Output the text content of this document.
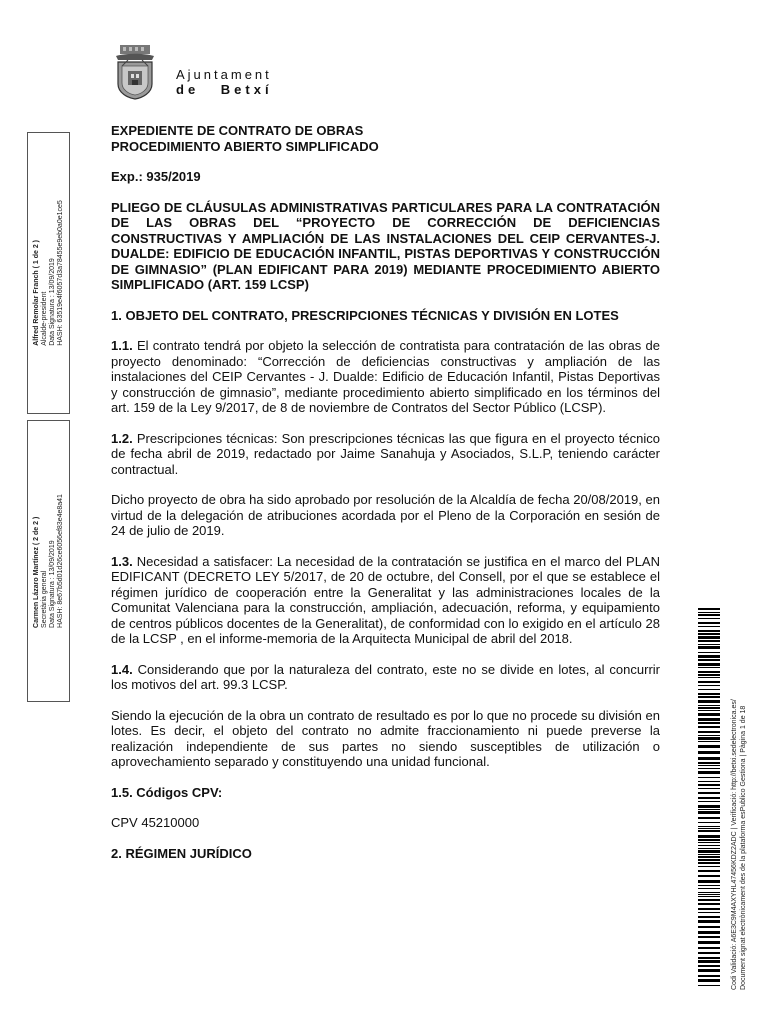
Ajuntament
de Betxí
Alfred Remolar Franch ( 1 de 2 ) Alcalde-president Data Signatura : 13/09/2019 HASH: 63519e4f6057d3a78455e9eb0a0e1ce5
Carmen Lázaro Martínez ( 2 de 2 ) Secretària general Data Signatura : 13/09/2019 HASH: 8e67b5d01d26ce6056ef83e4e8a41
Codi Validació: A6E3C9M4AXYHL47456KDZ2ADC | Verificació: http://betxi.sedelectronica.es/ Document signat electrònicament des de la plataforma esPublico Gestiona | Pàgina 1 de 18
EXPEDIENTE DE CONTRATO DE OBRAS
PROCEDIMIENTO ABIERTO SIMPLIFICADO
Exp.: 935/2019

PLIEGO DE CLÁUSULAS ADMINISTRATIVAS PARTICULARES PARA LA CONTRATACIÓN DE LAS OBRAS DEL “PROYECTO DE CORRECCIÓN DE DEFICIENCIAS CONSTRUCTIVAS Y AMPLIACIÓN DE LAS INSTALACIONES DEL CEIP CERVANTES-J. DUALDE: EDIFICIO DE EDUCACIÓN INFANTIL, PISTAS DEPORTIVAS Y CONSTRUCCIÓN DE GIMNASIO” (PLAN EDIFICANT PARA 2019) MEDIANTE PROCEDIMIENTO ABIERTO SIMPLIFICADO (ART. 159 LCSP)

1. OBJETO DEL CONTRATO, PRESCRIPCIONES TÉCNICAS Y DIVISIÓN EN LOTES

1.1. El contrato tendrá por objeto la selección de contratista para contratación de las obras de proyecto denominado: “Corrección de deficiencias constructivas y ampliación de las instalaciones del CEIP Cervantes - J. Dualde: Edificio de Educación Infantil, Pistas Deportivas y construcción de gimnasio”, mediante procedimiento abierto simplificado en los términos del art. 159 de la Ley 9/2017, de 8 de noviembre de Contratos del Sector Público (LCSP).

1.2. Prescripciones técnicas: Son prescripciones técnicas las que figura en el proyecto técnico de fecha abril de 2019, redactado por Jaime Sanahuja y Asociados, S.L.P, teniendo carácter contractual.

Dicho proyecto de obra ha sido aprobado por resolución de la Alcaldía de fecha 20/08/2019, en virtud de la delegación de atribuciones acordada por el Pleno de la Corporación en sesión de 24 de julio de 2019.

1.3. Necesidad a satisfacer: La necesidad de la contratación se justifica en el marco del PLAN EDIFICANT (DECRETO LEY 5/2017, de 20 de octubre, del Consell, por el que se establece el régimen jurídico de cooperación entre la Generalitat y las administraciones locales de la Comunitat Valenciana para la construcción, ampliación, adecuación, reforma, y equipamiento de centros públicos docentes de la Generalitat), de conformidad con lo exigido en el artículo 28 de la LCSP , en el informe-memoria de la Arquitecta Municipal de abril del 2018.

1.4. Considerando que por la naturaleza del contrato, este no se divide en lotes, al concurrir los motivos del art. 99.3 LCSP.

Siendo la ejecución de la obra un contrato de resultado es por lo que no procede su división en lotes. Es decir, el objeto del contrato no admite fraccionamiento ni puede preverse la realización independiente de sus partes no siendo susceptibles de utilización o aprovechamiento separado y constituyendo una unidad funcional.

1.5. Códigos CPV:
CPV 45210000
2. RÉGIMEN JURÍDICO
